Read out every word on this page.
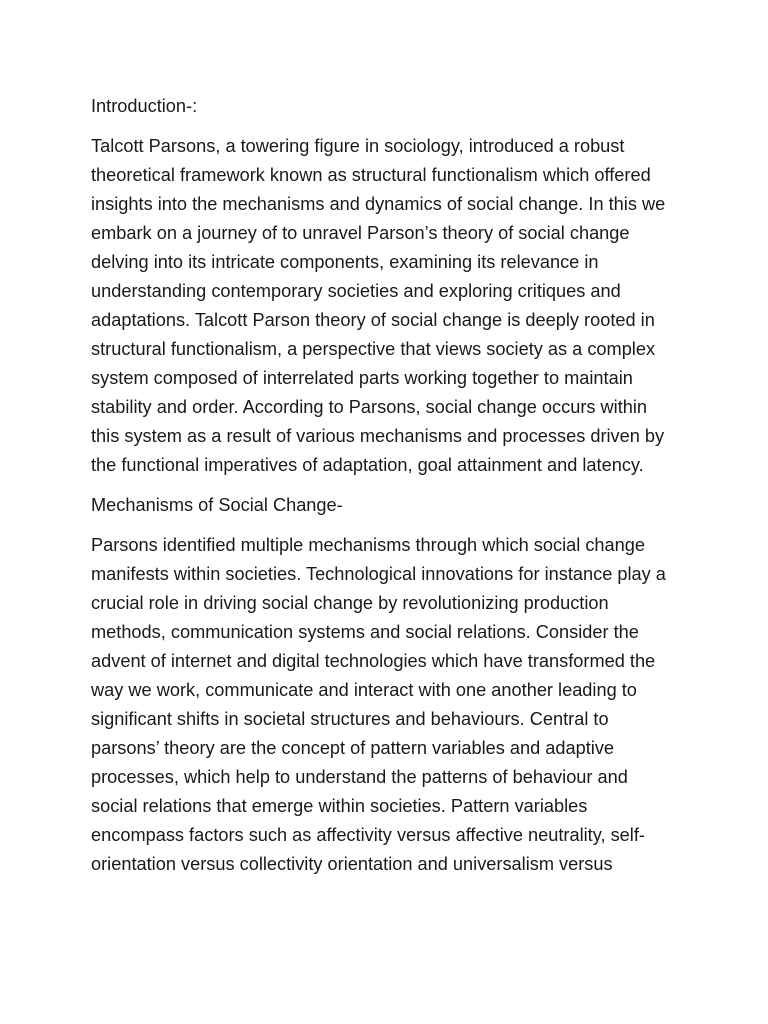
Introduction-:
Talcott Parsons, a towering figure in sociology, introduced a robust
theoretical framework known as structural functionalism which offered
insights into the mechanisms and dynamics of social change. In this we
embark on a journey of to unravel Parson’s theory of social change
delving into its intricate components, examining its relevance in
understanding contemporary societies and exploring critiques and
adaptations. Talcott Parson theory of social change is deeply rooted in
structural functionalism, a perspective that views society as a complex
system composed of interrelated parts working together to maintain
stability and order. According to Parsons, social change occurs within
this system as a result of various mechanisms and processes driven by
the functional imperatives of adaptation, goal attainment and latency.
Mechanisms of Social Change-
Parsons identified multiple mechanisms through which social change
manifests within societies. Technological innovations for instance play a
crucial role in driving social change by revolutionizing production
methods, communication systems and social relations. Consider the
advent of internet and digital technologies which have transformed the
way we work, communicate and interact with one another leading to
significant shifts in societal structures and behaviours. Central to
parsons’ theory are the concept of pattern variables and adaptive
processes, which help to understand the patterns of behaviour and
social relations that emerge within societies. Pattern variables
encompass factors such as affectivity versus affective neutrality, self-
orientation versus collectivity orientation and universalism versus
